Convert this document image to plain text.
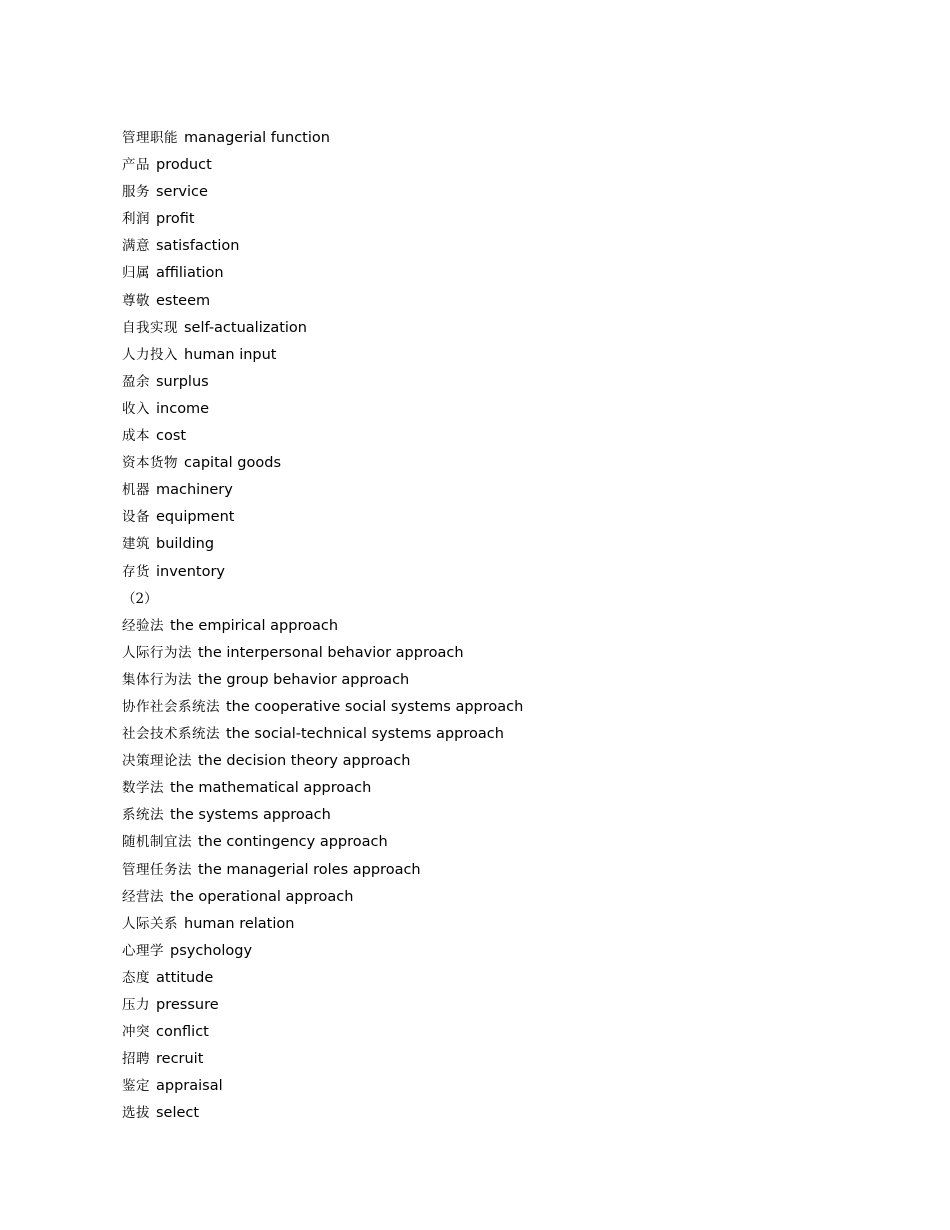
管理职能 managerial function
产品 product
服务 service
利润 profit
满意 satisfaction
归属 affiliation
尊敬 esteem
自我实现 self-actualization
人力投入 human input
盈余 surplus
收入 income
成本 cost
资本货物 capital goods
机器 machinery
设备 equipment
建筑 building
存货 inventory
（2）
经验法 the empirical approach
人际行为法 the interpersonal behavior approach
集体行为法 the group behavior approach
协作社会系统法 the cooperative social systems approach
社会技术系统法 the social-technical systems approach
决策理论法 the decision theory approach
数学法 the mathematical approach
系统法 the systems approach
随机制宜法 the contingency approach
管理任务法 the managerial roles approach
经营法 the operational approach
人际关系 human relation
心理学 psychology
态度 attitude
压力 pressure
冲突 conflict
招聘 recruit
鉴定 appraisal
选拔 select
